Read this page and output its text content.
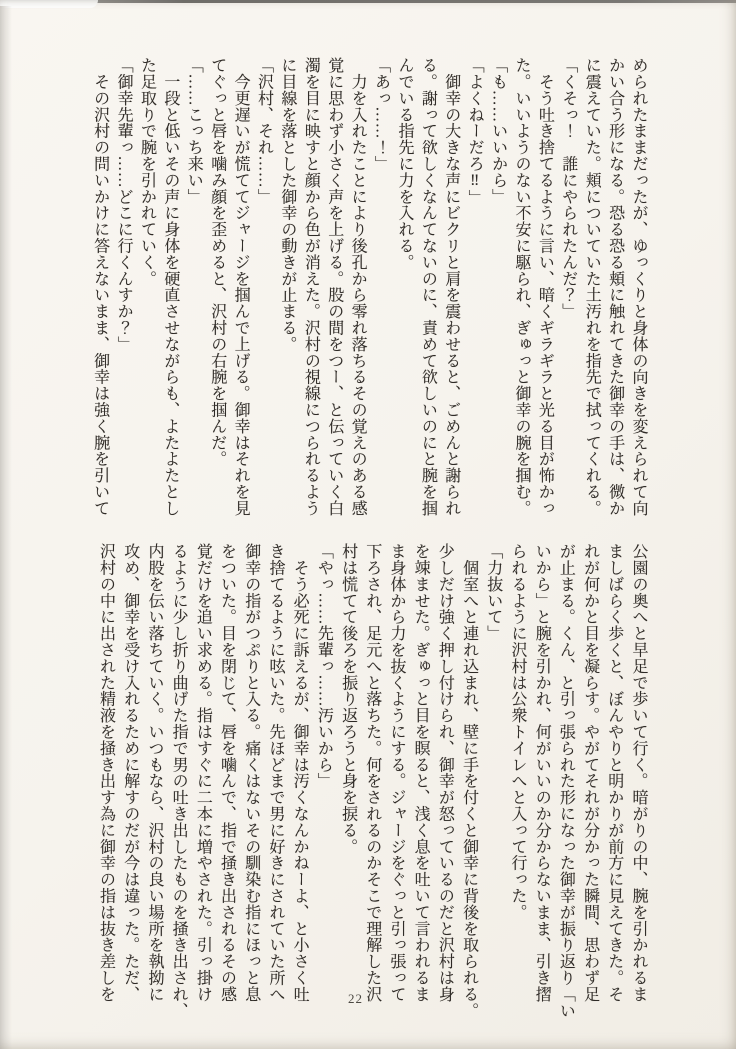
められたままだったが、ゆっくりと身体の向きを変えられて向
かい合う形になる。恐る恐る頬に触れてきた御幸の手は、微か
に震えていた。頬についていた土汚れを指先で拭ってくれる。
「くそっ！　誰にやられたんだ？」
　そう吐き捨てるように言い、暗くギラギラと光る目が怖かっ
た。いいようのない不安に駆られ、ぎゅっと御幸の腕を掴む。
「も……いいから」
「よくねーだろ‼」
　御幸の大きな声にビクリと肩を震わせると、ごめんと謝られ
る。謝って欲しくなんてないのに、責めて欲しいのにと腕を掴
んでいる指先に力を入れる。
「あっ……！」
　力を入れたことにより後孔から零れ落ちるその覚えのある感
覚に思わず小さく声を上げる。股の間をつー、と伝っていく白
濁を目に映すと顔から色が消えた。沢村の視線につられるよう
に目線を落とした御幸の動きが止まる。
「沢村、それ……」
　今更遅いが慌ててジャージを掴んで上げる。御幸はそれを見
てぐっと唇を噛み顔を歪めると、沢村の右腕を掴んだ。
「……こっち来い」
　一段と低いその声に身体を硬直させながらも、よたよたとし
た足取りで腕を引かれていく。
「御幸先輩っ……どこに行くんすか？」
　その沢村の問いかけに答えないまま、御幸は強く腕を引いて
公園の奥へと早足で歩いて行く。暗がりの中、腕を引かれるま
ましばらく歩くと、ぼんやりと明かりが前方に見えてきた。そ
れが何かと目を凝らす。やがてそれが分かった瞬間、思わず足
が止まる。くん、と引っ張られた形になった御幸が振り返り「い
いから」と腕を引かれ、何がいいのか分からないまま、引き摺
られるように沢村は公衆トイレへと入って行った。
「力抜いて」
　個室へと連れ込まれ、壁に手を付くと御幸に背後を取られる。
少しだけ強く押し付けられ、御幸が怒っているのだと沢村は身
を竦ませた。ぎゅっと目を瞑ると、浅く息を吐いて言われるま
ま身体から力を抜くようにする。ジャージをぐっと引っ張って
下ろされ、足元へと落ちた。何をされるのかそこで理解した沢
村は慌てて後ろを振り返ろうと身を捩る。
「やっ……先輩っ……汚いから」
　そう必死に訴えるが、御幸は汚くなんかねーよ、と小さく吐
き捨てるように呟いた。先ほどまで男に好きにされていた所へ
御幸の指がつぷりと入る。痛くはないその馴染む指にほっと息
をついた。目を閉じて、唇を噛んで、指で掻き出されるその感
覚だけを追い求める。指はすぐに二本に増やされた。引っ掛け
るように少し折り曲げた指で男の吐き出したものを掻き出され、
内股を伝い落ちていく。いつもなら、沢村の良い場所を執拗に
攻め、御幸を受け入れるために解すのだが今は違った。ただ、
沢村の中に出された精液を掻き出す為に御幸の指は抜き差しを	22
